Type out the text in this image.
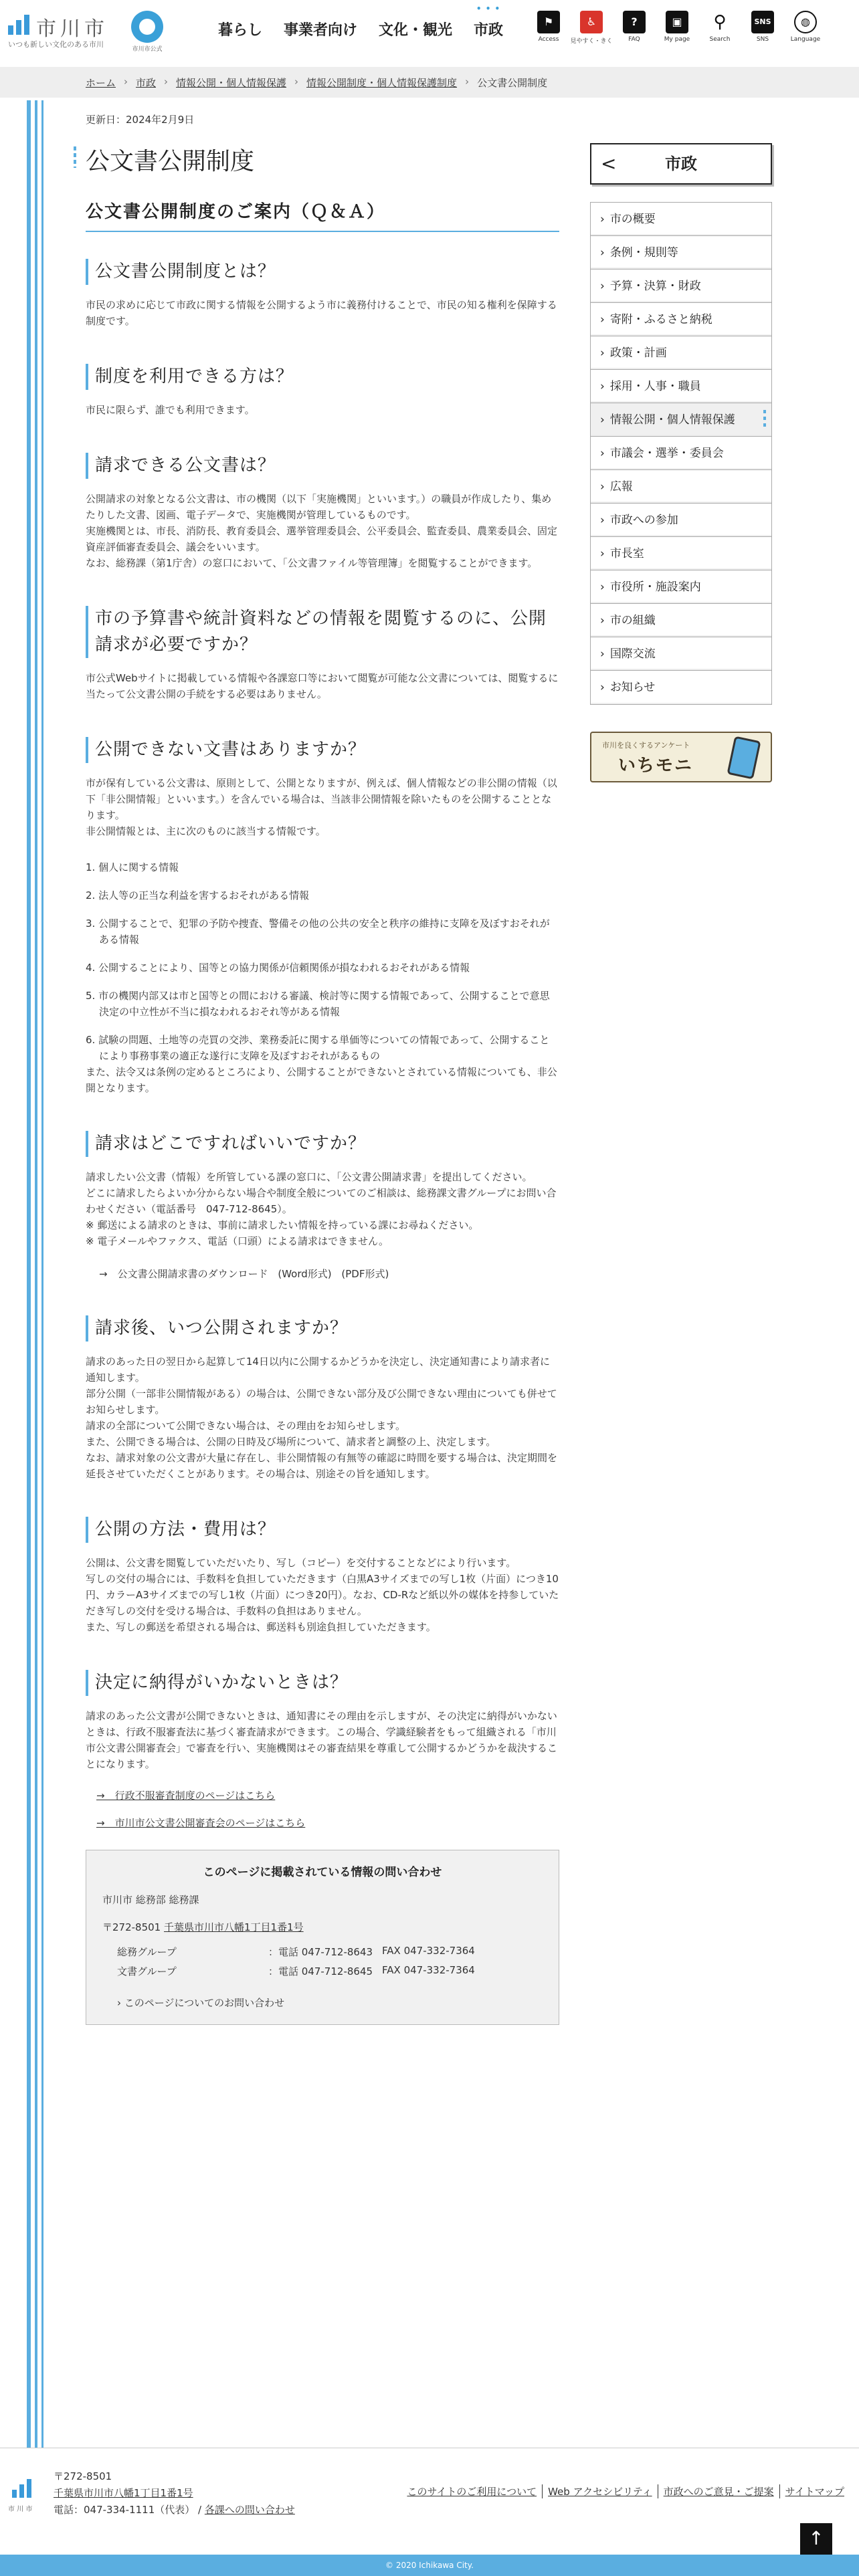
市川市
いつも新しい文化のある市川
市川市公式
暮らし	事業者向け	文化・観光	• • • 市政
⚑
Access
♿
見やすく・きく
?
FAQ
▣
My page
⚲
Search
SNS
SNS
◍
Language
ホーム › 市政 › 情報公開・個人情報保護 › 情報公開制度・個人情報保護制度 › 公文書公開制度
更新日：2024年2月9日
公文書公開制度
公文書公開制度のご案内（Ｑ＆Ａ）
公文書公開制度とは？

市民の求めに応じて市政に関する情報を公開するよう市に義務付けることで、市民の知る権利を保障する制度です。

制度を利用できる方は？

市民に限らず、誰でも利用できます。

請求できる公文書は？

公開請求の対象となる公文書は、市の機関（以下「実施機関」といいます。）の職員が作成したり、集めたりした文書、図画、電子データで、実施機関が管理しているものです。

実施機関とは、市長、消防長、教育委員会、選挙管理委員会、公平委員会、監査委員、農業委員会、固定資産評価審査委員会、議会をいいます。

なお、総務課（第1庁舎）の窓口において、「公文書ファイル等管理簿」を閲覧することができます。

市の予算書や統計資料などの情報を閲覧するのに、公開請求が必要ですか？

市公式Webサイトに掲載している情報や各課窓口等において閲覧が可能な公文書については、閲覧するに当たって公文書公開の手続をする必要はありません。

公開できない文書はありますか？

市が保有している公文書は、原則として、公開となりますが、例えば、個人情報などの非公開の情報（以下「非公開情報」といいます。）を含んでいる場合は、当該非公開情報を除いたものを公開することとなります。

非公開情報とは、主に次のものに該当する情報です。

1. 個人に関する情報
2. 法人等の正当な利益を害するおそれがある情報
3. 公開することで、犯罪の予防や捜査、警備その他の公共の安全と秩序の維持に支障を及ぼすおそれがある情報
4. 公開することにより、国等との協力関係が信頼関係が損なわれるおそれがある情報
5. 市の機関内部又は市と国等との間における審議、検討等に関する情報であって、公開することで意思決定の中立性が不当に損なわれるおそれ等がある情報
6. 試験の問題、土地等の売買の交渉、業務委託に関する単価等についての情報であって、公開することにより事務事業の適正な遂行に支障を及ぼすおそれがあるもの

また、法令又は条例の定めるところにより、公開することができないとされている情報についても、非公開となります。

請求はどこですればいいですか？

請求したい公文書（情報）を所管している課の窓口に、「公文書公開請求書」を提出してください。

どこに請求したらよいか分からない場合や制度全般についてのご相談は、総務課文書グループにお問い合わせください（電話番号　047-712-8645）。

※ 郵送による請求のときは、事前に請求したい情報を持っている課にお尋ねください。

※ 電子メールやファクス、電話（口頭）による請求はできません。

→　公文書公開請求書のダウンロード (Word形式) (PDF形式)
請求後、いつ公開されますか？

請求のあった日の翌日から起算して14日以内に公開するかどうかを決定し、決定通知書により請求者に通知します。

部分公開（一部非公開情報がある）の場合は、公開できない部分及び公開できない理由についても併せてお知らせします。

請求の全部について公開できない場合は、その理由をお知らせします。

また、公開できる場合は、公開の日時及び場所について、請求者と調整の上、決定します。

なお、請求対象の公文書が大量に存在し、非公開情報の有無等の確認に時間を要する場合は、決定期間を延長させていただくことがあります。その場合は、別途その旨を通知します。

公開の方法・費用は？

公開は、公文書を閲覧していただいたり、写し（コピー）を交付することなどにより行います。

写しの交付の場合には、手数料を負担していただきます（白黒A3サイズまでの写し1枚（片面）につき10円、カラーA3サイズまでの写し1枚（片面）につき20円）。なお、CD-Rなど紙以外の媒体を持参していただき写しの交付を受ける場合は、手数料の負担はありません。

また、写しの郵送を希望される場合は、郵送料も別途負担していただきます。

決定に納得がいかないときは？

請求のあった公文書が公開できないときは、通知書にその理由を示しますが、その決定に納得がいかないときは、行政不服審査法に基づく審査請求ができます。この場合、学識経験者をもって組織される「市川市公文書公開審査会」で審査を行い、実施機関はその審査結果を尊重して公開するかどうかを裁決することになります。

→　行政不服審査制度のページはこちら
→　市川市公文書公開審査会のページはこちら
このページに掲載されている情報の問い合わせ
市川市 総務部 総務課
〒272-8501 千葉県市川市八幡1丁目1番1号
総務グループ	：電話 047-712-8643 FAX 047-332-7364
文書グループ	：電話 047-712-8645 FAX 047-332-7364
› このページについてのお問い合わせ
<	市政
› 市の概要
› 条例・規則等
› 予算・決算・財政
› 寄附・ふるさと納税
› 政策・計画
› 採用・人事・職員
› 情報公開・個人情報保護
› 市議会・選挙・委員会
› 広報
› 市政への参加
› 市長室
› 市役所・施設案内
› 市の組織
› 国際交流
› お知らせ
市川を良くするアンケート
いちモニ
市 川 市
〒272-8501
千葉県市川市八幡1丁目1番1号
電話：047-334-1111（代表） / 各課への問い合わせ
このサイトのご利用について	Web アクセシビリティ	市政へのご意見・ご提案	サイトマップ
↑
© 2020 Ichikawa City.
